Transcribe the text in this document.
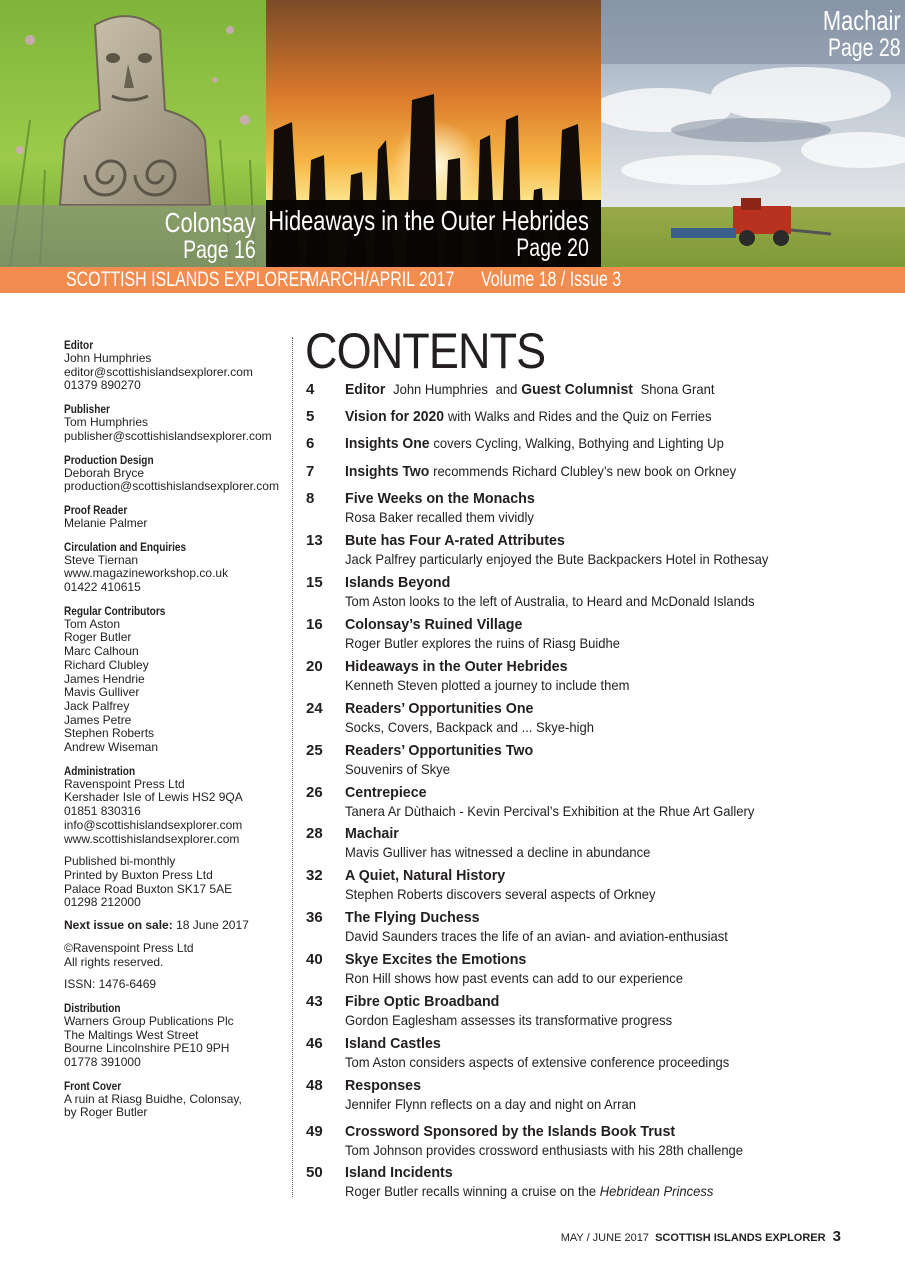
Colonsay
Page 16
Hideaways in the Outer Hebrides
Page 20
Machair
Page 28
SCOTTISH ISLANDS EXPLORER
MARCH/APRIL 2017 Volume 18 / Issue 3
Editor
John Humphries
editor@scottishislandsexplorer.com
01379 890270
Publisher
Tom Humphries
publisher@scottishislandsexplorer.com
Production Design
Deborah Bryce
production@scottishislandsexplorer.com
Proof Reader
Melanie Palmer
Circulation and Enquiries
Steve Tiernan
www.magazineworkshop.co.uk
01422 410615
Regular Contributors
Tom Aston
Roger Butler
Marc Calhoun
Richard Clubley
James Hendrie
Mavis Gulliver
Jack Palfrey
James Petre
Stephen Roberts
Andrew Wiseman
Administration
Ravenspoint Press Ltd
Kershader Isle of Lewis HS2 9QA
01851 830316
info@scottishislandsexplorer.com
www.scottishislandsexplorer.com
Published bi-monthly
Printed by Buxton Press Ltd
Palace Road Buxton SK17 5AE
01298 212000
Next issue on sale: 18 June 2017
©Ravenspoint Press Ltd
All rights reserved.
ISSN: 1476-6469
Distribution
Warners Group Publications Plc
The Maltings West Street
Bourne Lincolnshire PE10 9PH
01778 391000
Front Cover
A ruin at Riasg Buidhe, Colonsay,
by Roger Butler
CONTENTS
4 Editor John Humphries and Guest Columnist Shona Grant
5 Vision for 2020 with Walks and Rides and the Quiz on Ferries
6 Insights One covers Cycling, Walking, Bothying and Lighting Up
7 Insights Two recommends Richard Clubley’s new book on Orkney
8 Five Weeks on the Monachs
Rosa Baker recalled them vividly
13 Bute has Four A-rated Attributes
Jack Palfrey particularly enjoyed the Bute Backpackers Hotel in Rothesay
15 Islands Beyond
Tom Aston looks to the left of Australia, to Heard and McDonald Islands
16 Colonsay’s Ruined Village
Roger Butler explores the ruins of Riasg Buidhe
20 Hideaways in the Outer Hebrides
Kenneth Steven plotted a journey to include them
24 Readers’ Opportunities One
Socks, Covers, Backpack and ... Skye-high
25 Readers’ Opportunities Two
Souvenirs of Skye
26 Centrepiece
Tanera Ar Dùthaich - Kevin Percival’s Exhibition at the Rhue Art Gallery
28 Machair
Mavis Gulliver has witnessed a decline in abundance
32 A Quiet, Natural History
Stephen Roberts discovers several aspects of Orkney
36 The Flying Duchess
David Saunders traces the life of an avian- and aviation-enthusiast
40 Skye Excites the Emotions
Ron Hill shows how past events can add to our experience
43 Fibre Optic Broadband
Gordon Eaglesham assesses its transformative progress
46 Island Castles
Tom Aston considers aspects of extensive conference proceedings
48 Responses
Jennifer Flynn reflects on a day and night on Arran
49 Crossword Sponsored by the Islands Book Trust
Tom Johnson provides crossword enthusiasts with his 28th challenge
50 Island Incidents
Roger Butler recalls winning a cruise on the Hebridean Princess
MAY / JUNE 2017 SCOTTISH ISLANDS EXPLORER 3
